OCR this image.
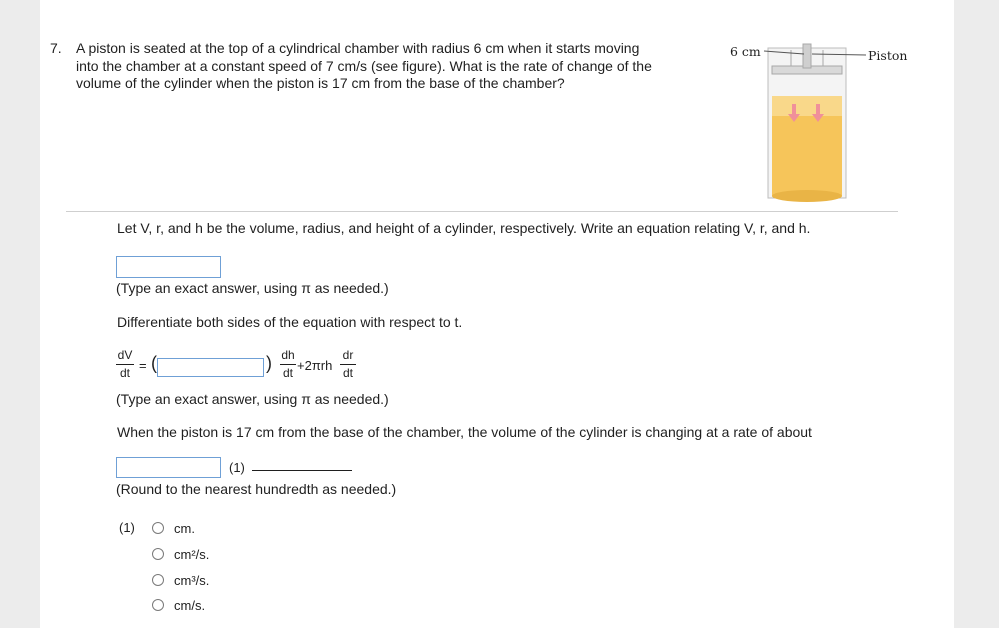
7. A piston is seated at the top of a cylindrical chamber with radius 6 cm when it starts moving into the chamber at a constant speed of 7 cm/s (see figure). What is the rate of change of the volume of the cylinder when the piston is 17 cm from the base of the chamber?
6 cm	Piston
Let V, r, and h be the volume, radius, and height of a cylinder, respectively. Write an equation relating V, r, and h.
(Type an exact answer, using π as needed.)
Differentiate both sides of the equation with respect to t.
dV
dt = (	) dh
dt +2πrh
dr
dt
(Type an exact answer, using π as needed.)
When the piston is 17 cm from the base of the chamber, the volume of the cylinder is changing at a rate of about
(1)
(Round to the nearest hundredth as needed.)
(1)	cm.
cm²/s.
cm³/s.
cm/s.
